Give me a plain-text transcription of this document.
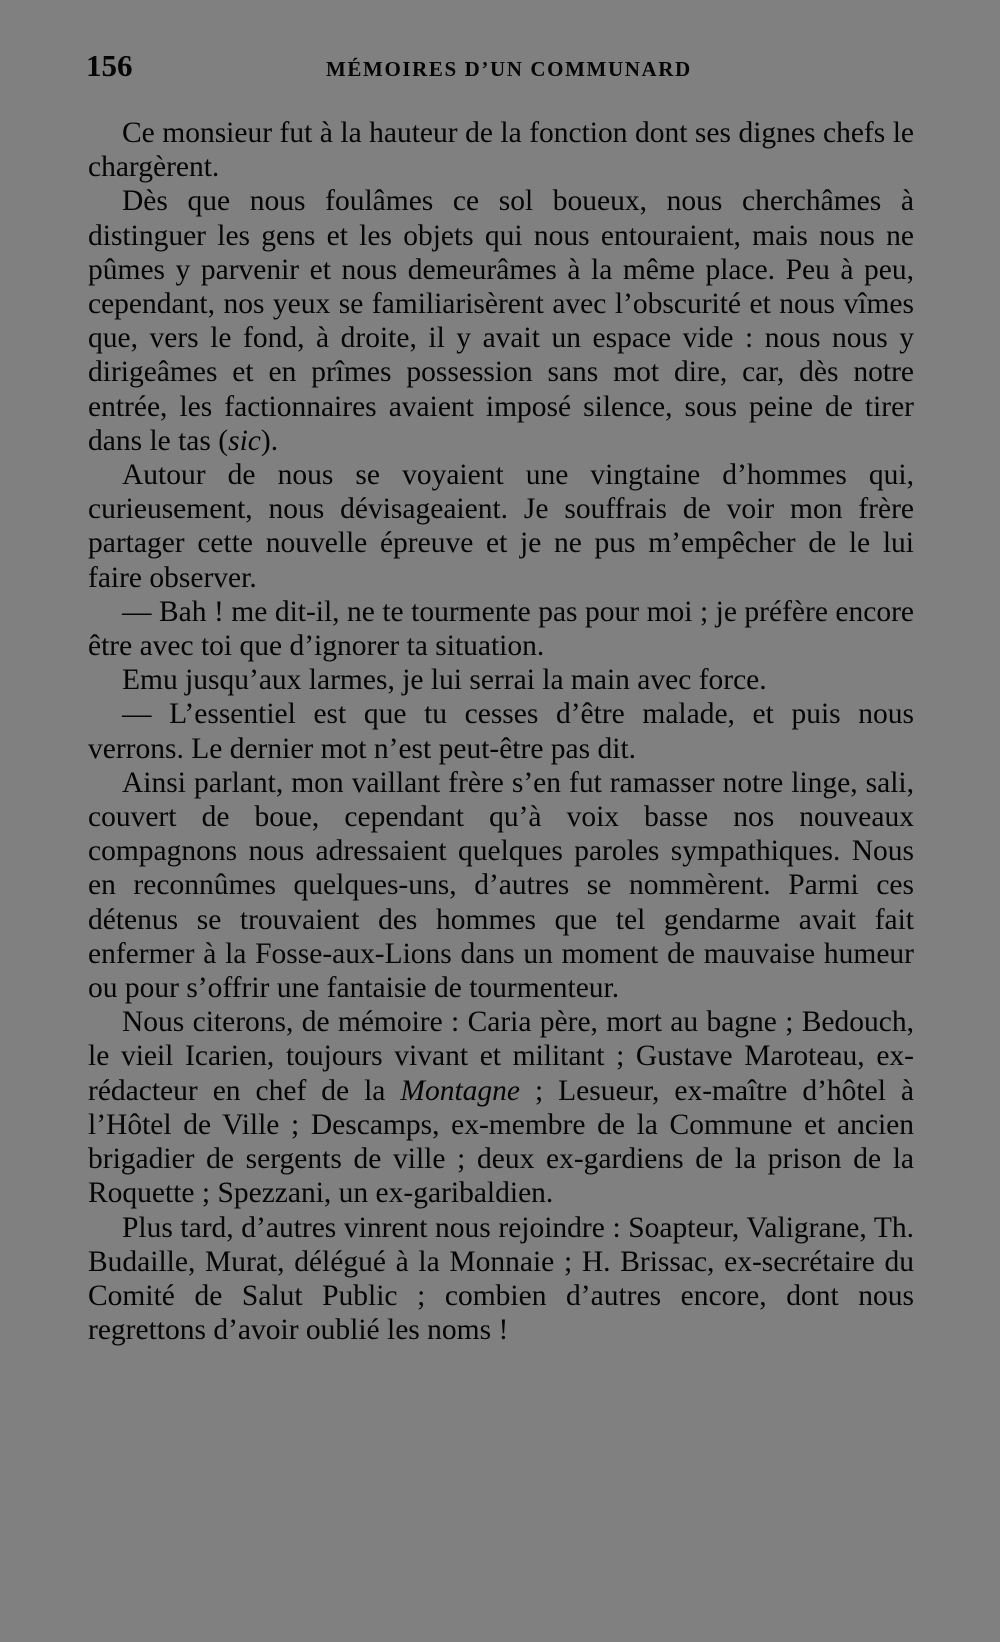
156	MÉMOIRES D’UN COMMUNARD

Ce monsieur fut à la hauteur de la fonction dont ses dignes chefs le chargèrent.

Dès que nous foulâmes ce sol boueux, nous cherchâmes à distinguer les gens et les objets qui nous entouraient, mais nous ne pûmes y parvenir et nous demeurâmes à la même place. Peu à peu, cependant, nos yeux se familiarisèrent avec l’obscurité et nous vîmes que, vers le fond, à droite, il y avait un espace vide : nous nous y dirigeâmes et en prîmes possession sans mot dire, car, dès notre entrée, les factionnaires avaient imposé silence, sous peine de tirer dans le tas (sic).

Autour de nous se voyaient une vingtaine d’hommes qui, curieusement, nous dévisageaient. Je souffrais de voir mon frère partager cette nouvelle épreuve et je ne pus m’empêcher de le lui faire observer.

— Bah ! me dit-il, ne te tourmente pas pour moi ; je préfère encore être avec toi que d’ignorer ta situation.

Emu jusqu’aux larmes, je lui serrai la main avec force.

— L’essentiel est que tu cesses d’être malade, et puis nous verrons. Le dernier mot n’est peut-être pas dit.

Ainsi parlant, mon vaillant frère s’en fut ramasser notre linge, sali, couvert de boue, cependant qu’à voix basse nos nouveaux compagnons nous adressaient quelques paroles sympathiques. Nous en reconnûmes quelques-uns, d’autres se nommèrent. Parmi ces détenus se trouvaient des hommes que tel gendarme avait fait enfermer à la Fosse-aux-Lions dans un moment de mauvaise humeur ou pour s’offrir une fantaisie de tourmenteur.

Nous citerons, de mémoire : Caria père, mort au bagne ; Bedouch, le vieil Icarien, toujours vivant et militant ; Gustave Maroteau, ex-rédacteur en chef de la Montagne ; Lesueur, ex-maître d’hôtel à l’Hôtel de Ville ; Descamps, ex-membre de la Commune et ancien brigadier de sergents de ville ; deux ex-gardiens de la prison de la Roquette ; Spezzani, un ex-garibaldien.

Plus tard, d’autres vinrent nous rejoindre : Soapteur, Valigrane, Th. Budaille, Murat, délégué à la Monnaie ; H. Brissac, ex-secrétaire du Comité de Salut Public ; combien d’autres encore, dont nous regrettons d’avoir oublié les noms !
